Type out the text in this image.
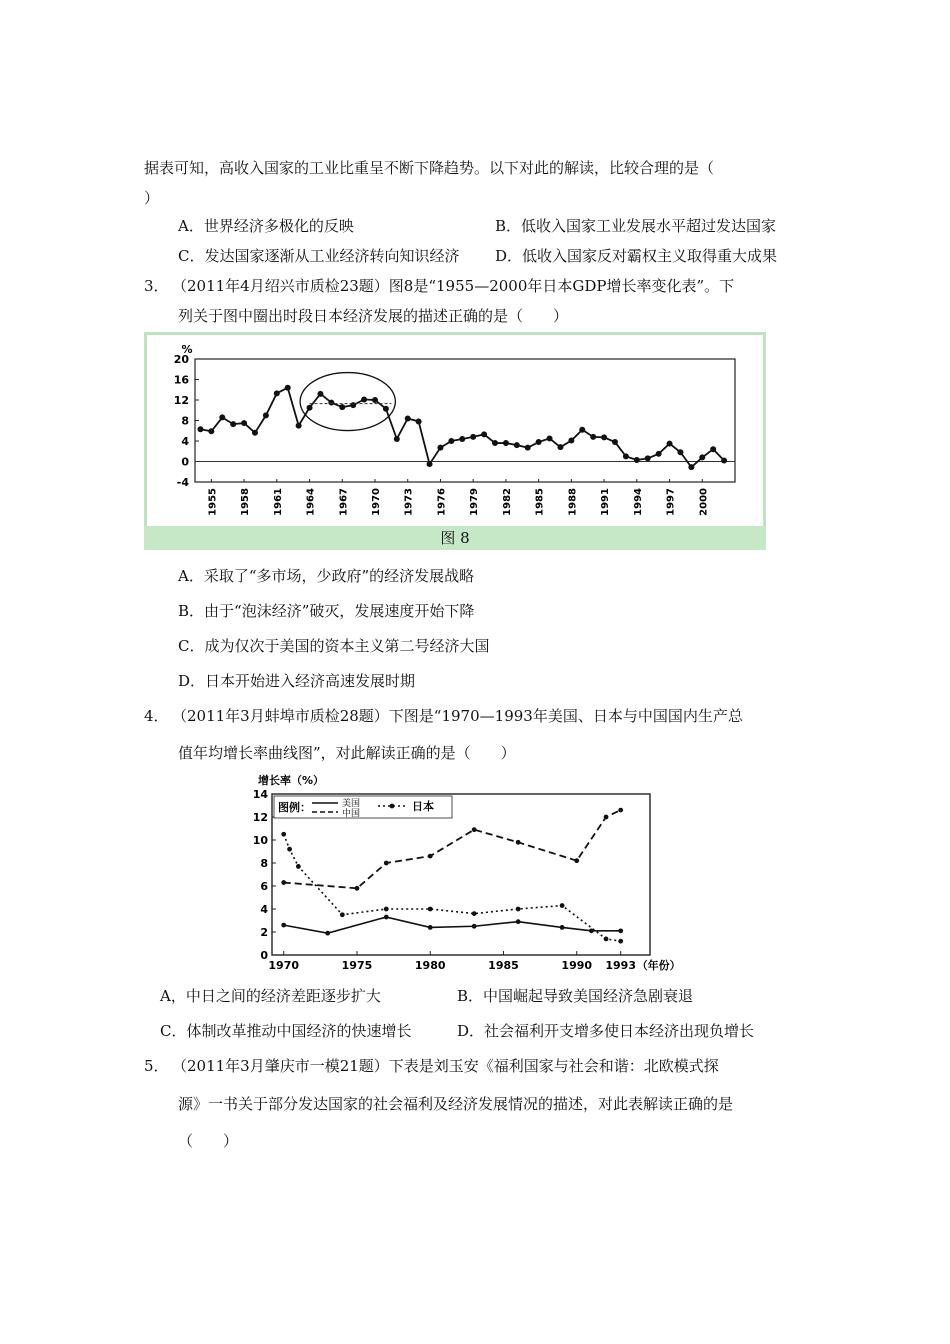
据表可知，高收入国家的工业比重呈不断下降趋势。以下对此的解读，比较合理的是（
）
A．世界经济多极化的反映	B．低收入国家工业发展水平超过发达国家
C．发达国家逐渐从工业经济转向知识经济 D．低收入国家反对霸权主义取得重大成果
3． （2011年4月绍兴市质检23题）图8是“1955—2000年日本GDP增长率变化表”。下
列关于图中圈出时段日本经济发展的描述正确的是（　　）
%
20
16
12
8
4
0
-4
1955 1958 1961 1964 1967 1970 1973 1976 1979 1982 1985 1988 1991 1994 1997 2000
图 8
A．采取了“多市场，少政府”的经济发展战略
B．由于“泡沫经济”破灭，发展速度开始下降
C．成为仅次于美国的资本主义第二号经济大国
D．日本开始进入经济高速发展时期
4． （2011年3月蚌埠市质检28题）下图是“1970—1993年美国、日本与中国国内生产总
值年均增长率曲线图”，对此解读正确的是（　　）
增长率（%）
14
12
10
8
6
4
2
0
1970	1975	1980	1985	1990 1993 （年份）
图例：	美国
中国
日本
A，中日之间的经济差距逐步扩大	B．中国崛起导致美国经济急剧衰退
C．体制改革推动中国经济的快速增长	D．社会福利开支增多使日本经济出现负增长
5． （2011年3月肇庆市一模21题）下表是刘玉安《福利国家与社会和谐：北欧模式探
源》一书关于部分发达国家的社会福利及经济发展情况的描述，对此表解读正确的是
（　　）
